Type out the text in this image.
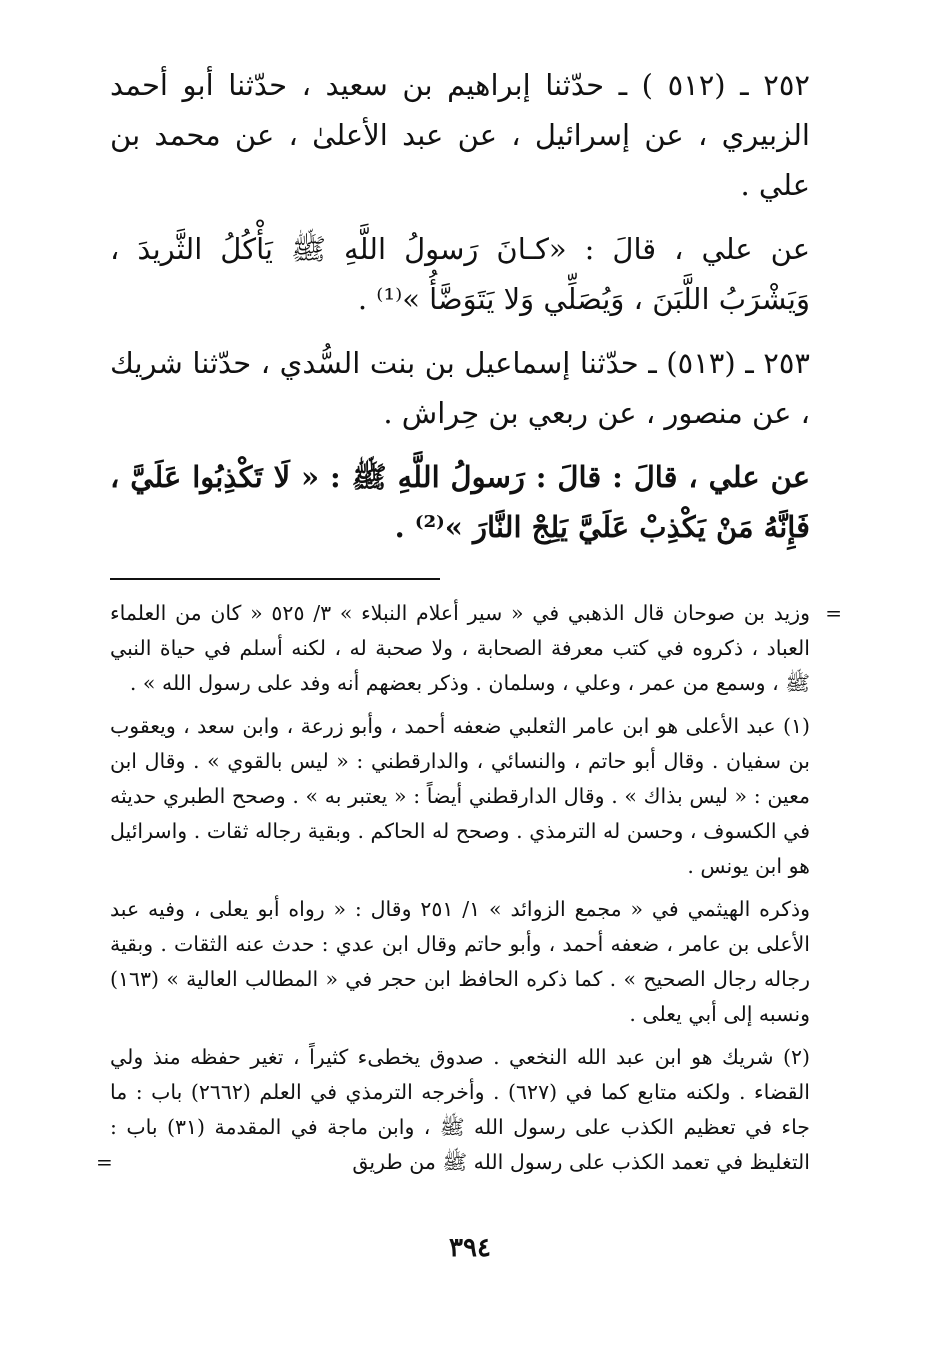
٢٥٢ ـ (٥١٢ ) ـ حدّثنا إبراهيم بن سعيد ، حدّثنا أبو أحمد الزبيري ، عن إسرائيل ، عن عبد الأعلىٰ ، عن محمد بن علي .

عن علي ، قالَ : «كـانَ رَسولُ اللَّهِ ﷺ يَأْكُلُ الثَّريدَ ، وَيَشْرَبُ اللَّبَنَ ، وَيُصَلِّي وَلا يَتَوَضَّأُ »⁽¹⁾ .

٢٥٣ ـ (٥١٣) ـ حدّثنا إسماعيل بن بنت السُّدي ، حدّثنا شريك ، عن منصور ، عن ربعي بن حِراش .

عن علي ، قالَ : قالَ : رَسولُ اللَّهِ ﷺ : « لَا تَكْذِبُوا عَلَيَّ ، فَإِنَّهُ مَنْ يَكْذِبْ عَلَيَّ يَلِجْ النَّارَ »⁽²⁾ .

=
وزيد بن صوحان قال الذهبي في « سير أعلام النبلاء » ٣/ ٥٢٥ « كان من العلماء العباد ، ذكروه في كتب معرفة الصحابة ، ولا صحبة له ، لكنه أسلم في حياة النبي ﷺ ، وسمع من عمر ، وعلي ، وسلمان . وذكر بعضهم أنه وفد على رسول الله » .

(١) عبد الأعلى هو ابن عامر الثعلبي ضعفه أحمد ، وأبو زرعة ، وابن سعد ، ويعقوب بن سفيان . وقال أبو حاتم ، والنسائي ، والدارقطني : « ليس بالقوي » . وقال ابن معين : « ليس بذاك » . وقال الدارقطني أيضاً : « يعتبر به » . وصحح الطبري حديثه في الكسوف ، وحسن له الترمذي . وصحح له الحاكم . وبقية رجاله ثقات . واسرائيل هو ابن يونس .

وذكره الهيثمي في « مجمع الزوائد » ١/ ٢٥١ وقال : « رواه أبو يعلى ، وفيه عبد الأعلى بن عامر ، ضعفه أحمد ، وأبو حاتم وقال ابن عدي : حدث عنه الثقات . وبقية رجاله رجال الصحيح » . كما ذكره الحافظ ابن حجر في « المطالب العالية » (١٦٣) ونسبه إلى أبي يعلى .

(٢) شريك هو ابن عبد الله النخعي . صدوق يخطىء كثيراً ، تغير حفظه منذ ولي القضاء . ولكنه متابع كما في (٦٢٧) . وأخرجه الترمذي في العلم (٢٦٦٢) باب : ما جاء في تعظيم الكذب على رسول الله ﷺ ، وابن ماجة في المقدمة (٣١) باب : التغليظ في تعمد الكذب على رسول الله ﷺ من طريق
=

٣٩٤
